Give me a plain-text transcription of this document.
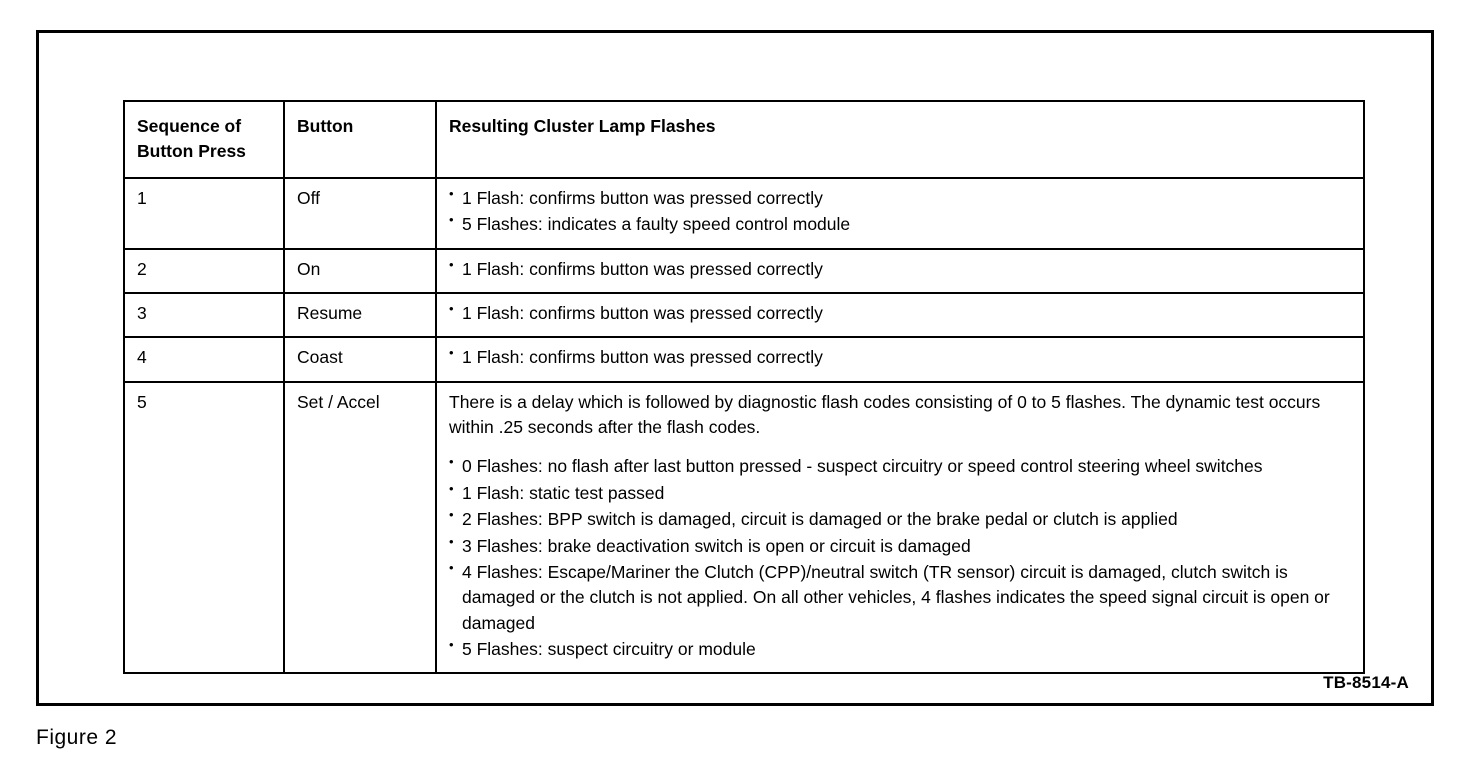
Sequence of
Button Press	Button	Resulting Cluster Lamp Flashes
1	Off	
•1 Flash: confirms button was pressed correctly
• 5 Flashes: indicates a faulty speed control module

2	On	
•1 Flash: confirms button was pressed correctly

3	Resume	
•1 Flash: confirms button was pressed correctly

4	Coast	
•1 Flash: confirms button was pressed correctly

5	Set / Accel	There is a delay which is followed by diagnostic flash codes consisting of 0 to 5 flashes. The dynamic test occurs within .25 seconds after the flash codes.

• 0 Flashes: no flash after last button pressed - suspect circuitry or speed control steering wheel switches
• 1 Flash: static test passed
• 2 Flashes: BPP switch is damaged, circuit is damaged or the brake pedal or clutch is applied
• 3 Flashes: brake deactivation switch is open or circuit is damaged
• 4 Flashes: Escape/Mariner the Clutch (CPP)/neutral switch (TR sensor) circuit is damaged, clutch switch is damaged or the clutch is not applied. On all other vehicles, 4 flashes indicates the speed signal circuit is open or damaged
• 5 Flashes: suspect circuitry or module
TB-8514-A
Figure 2
